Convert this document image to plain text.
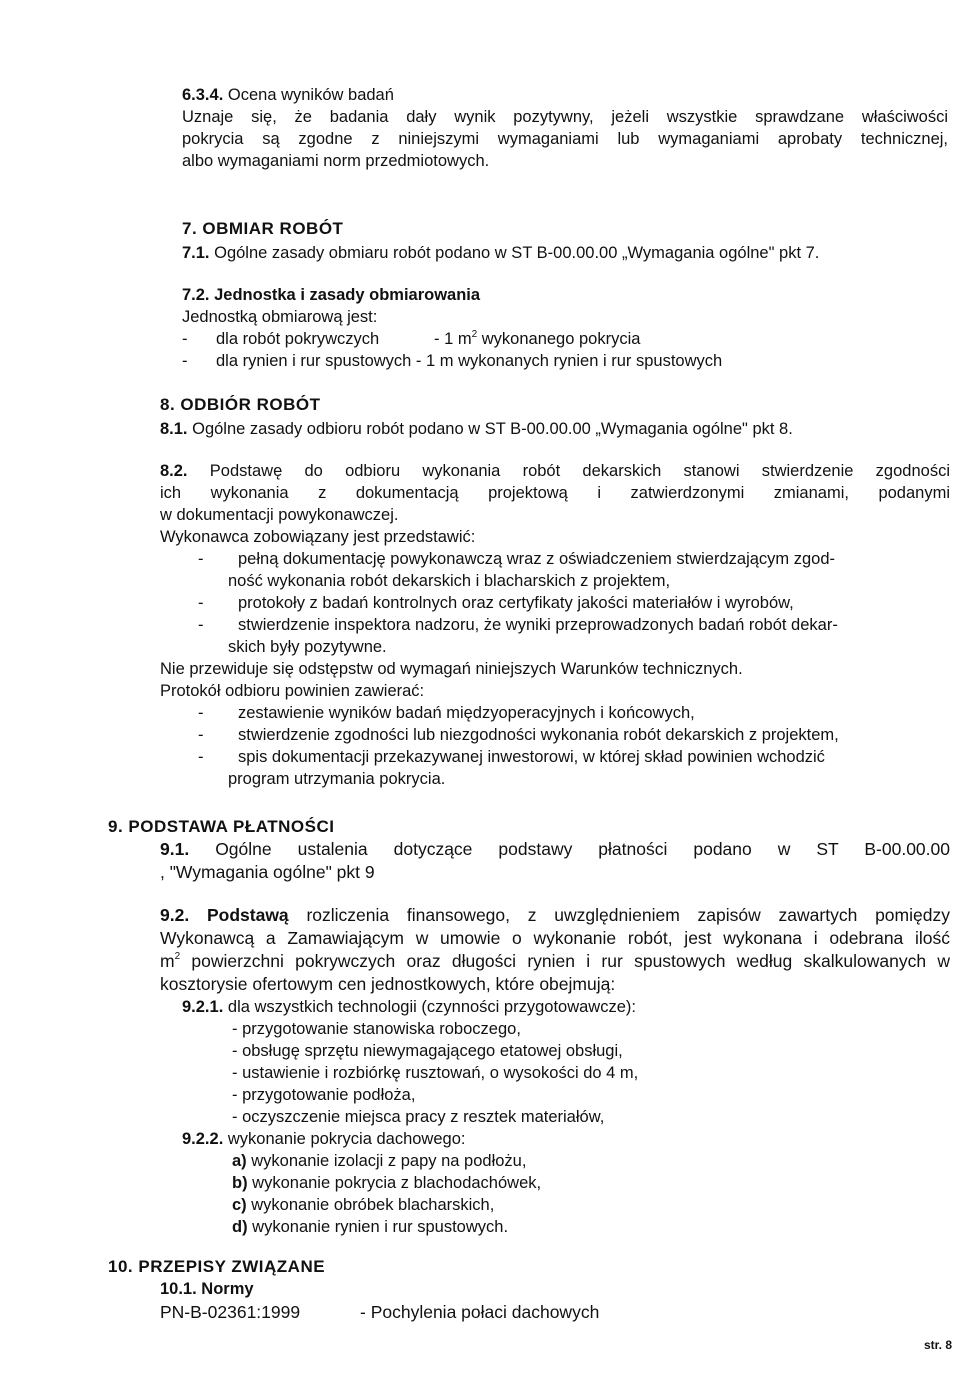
6.3.4. Ocena wyników badań
Uznaje się, że badania dały wynik pozytywny, jeżeli wszystkie sprawdzane właściwości
pokrycia są zgodne z niniejszymi wymaganiami lub wymaganiami aprobaty technicznej,
albo wymaganiami norm przedmiotowych.
7. OBMIAR ROBÓT
7.1. Ogólne zasady obmiaru robót podano w ST B-00.00.00 „Wymagania ogólne" pkt 7.
7.2. Jednostka i zasady obmiarowania
Jednostką obmiarową jest:
- dla robót pokrywczych	- 1 $m^2$ wykonanego pokrycia
- dla rynien i rur spustowych - 1 m wykonanych rynien i rur spustowych
8. ODBIÓR ROBÓT
8.1. Ogólne zasady odbioru robót podano w ST B-00.00.00 „Wymagania ogólne" pkt 8.
8.2. Podstawę do odbioru wykonania robót dekarskich stanowi stwierdzenie zgodności
ich wykonania z dokumentacją projektową i zatwierdzonymi zmianami, podanymi
w dokumentacji powykonawczej.
Wykonawca zobowiązany jest przedstawić:
- pełną dokumentację powykonawczą wraz z oświadczeniem stwierdzającym zgod-
ność wykonania robót dekarskich i blacharskich z projektem,
- protokoły z badań kontrolnych oraz certyfikaty jakości materiałów i wyrobów,
- stwierdzenie inspektora nadzoru, że wyniki przeprowadzonych badań robót dekar-
skich były pozytywne.
Nie przewiduje się odstępstw od wymagań niniejszych Warunków technicznych.
Protokół odbioru powinien zawierać:
- zestawienie wyników badań międzyoperacyjnych i końcowych,
- stwierdzenie zgodności lub niezgodności wykonania robót dekarskich z projektem,
- spis dokumentacji przekazywanej inwestorowi, w której skład powinien wchodzić
program utrzymania pokrycia.
9. PODSTAWA PŁATNOŚCI
9.1. Ogólne ustalenia dotyczące podstawy płatności podano w ST B-00.00.00
, "Wymagania ogólne" pkt 9
9.2. Podstawą rozliczenia finansowego, z uwzględnieniem zapisów zawartych pomiędzy
Wykonawcą a Zamawiającym w umowie o wykonanie robót, jest wykonana i odebrana ilość
$m^2$ powierzchni pokrywczych oraz długości rynien i rur spustowych według skalkulowanych w
kosztorysie ofertowym cen jednostkowych, które obejmują:
9.2.1. dla wszystkich technologii (czynności przygotowawcze):
- przygotowanie stanowiska roboczego,
- obsługę sprzętu niewymagającego etatowej obsługi,
- ustawienie i rozbiórkę rusztowań, o wysokości do 4 m,
- przygotowanie podłoża,
- oczyszczenie miejsca pracy z resztek materiałów,
9.2.2. wykonanie pokrycia dachowego:
a) wykonanie izolacji z papy na podłożu,
b) wykonanie pokrycia z blachodachówek,
c) wykonanie obróbek blacharskich,
d) wykonanie rynien i rur spustowych.
10. PRZEPISY ZWIĄZANE
10.1. Normy
PN-B-02361:1999	- Pochylenia połaci dachowych
str. 8
